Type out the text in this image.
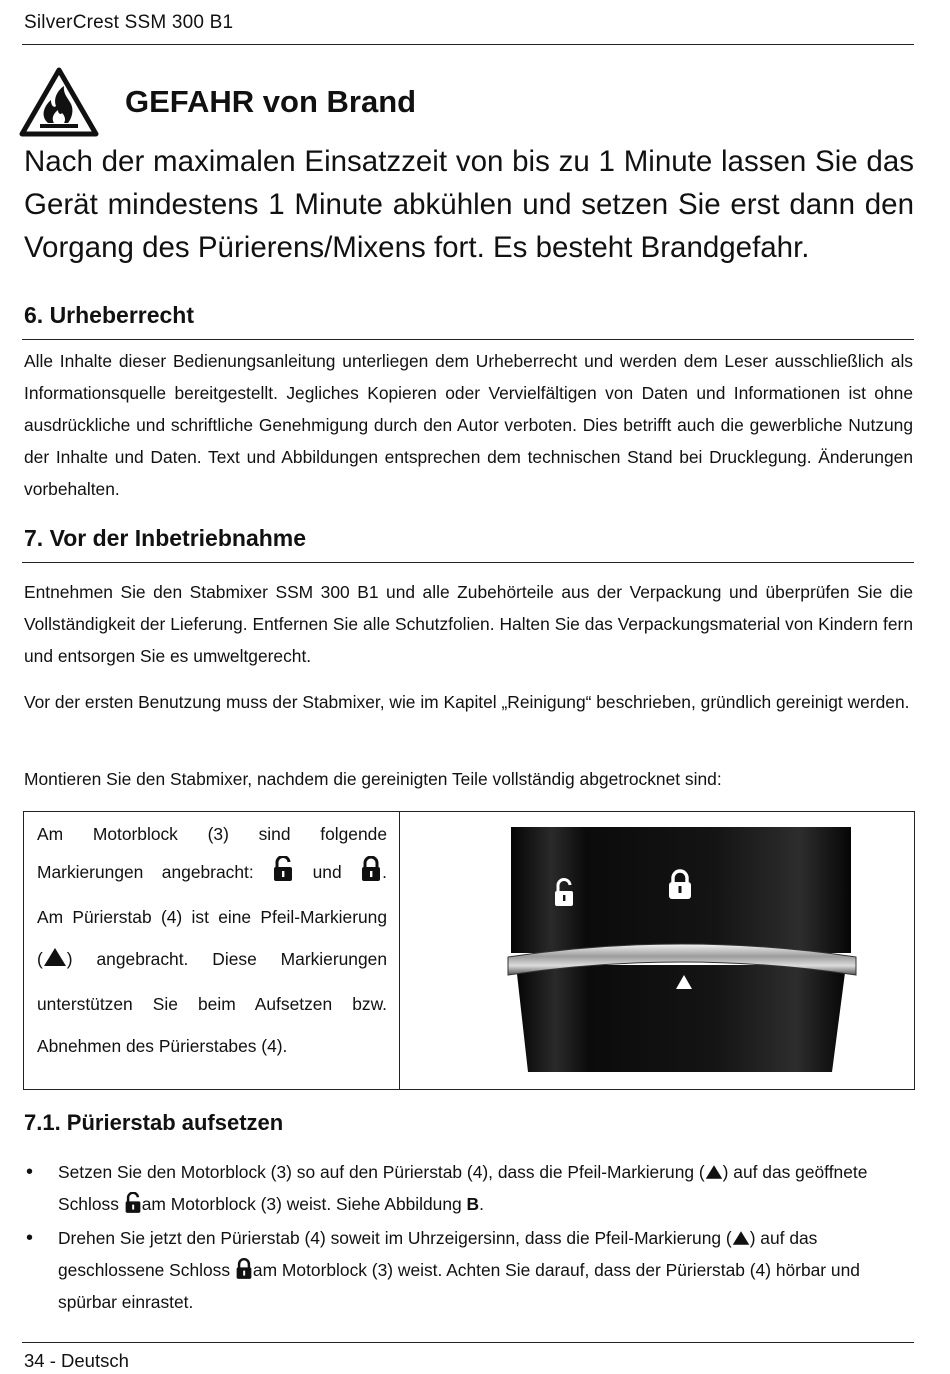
SilverCrest SSM 300 B1
GEFAHR von Brand
Nach der maximalen Einsatzzeit von bis zu 1 Minute lassen Sie das Gerät mindestens 1 Minute abkühlen und setzen Sie erst dann den Vorgang des Pürierens/Mixens fort. Es besteht Brandgefahr.
6. Urheberrecht
Alle Inhalte dieser Bedienungsanleitung unterliegen dem Urheberrecht und werden dem Leser ausschließlich als Informationsquelle bereitgestellt. Jegliches Kopieren oder Vervielfältigen von Daten und Informationen ist ohne ausdrückliche und schriftliche Genehmigung durch den Autor verboten. Dies betrifft auch die gewerbliche Nutzung der Inhalte und Daten. Text und Abbildungen entsprechen dem technischen Stand bei Drucklegung. Änderungen vorbehalten.
7. Vor der Inbetriebnahme
Entnehmen Sie den Stabmixer SSM 300 B1 und alle Zubehörteile aus der Verpackung und überprüfen Sie die Vollständigkeit der Lieferung. Entfernen Sie alle Schutzfolien. Halten Sie das Verpackungsmaterial von Kindern fern und entsorgen Sie es umweltgerecht.
Vor der ersten Benutzung muss der Stabmixer, wie im Kapitel „Reinigung“ beschrieben, gründlich gereinigt werden.
Montieren Sie den Stabmixer, nachdem die gereinigten Teile vollständig abgetrocknet sind:
Am Motorblock (3) sind folgende
Markierungen angebracht:	und .
Am Pürierstab (4) ist eine Pfeil-Markierung
( ) angebracht. Diese Markierungen
unterstützen Sie beim Aufsetzen bzw.
Abnehmen des Pürierstabes (4).
7.1. Pürierstab aufsetzen
• Setzen Sie den Motorblock (3) so auf den Pürierstab (4), dass die Pfeil-Markierung ( ) auf das geöffnete Schloss am Motorblock (3) weist. Siehe Abbildung B.
• Drehen Sie jetzt den Pürierstab (4) soweit im Uhrzeigersinn, dass die Pfeil-Markierung ( ) auf das geschlossene Schloss am Motorblock (3) weist. Achten Sie darauf, dass der Pürierstab (4) hörbar und spürbar einrastet.
34 - Deutsch
